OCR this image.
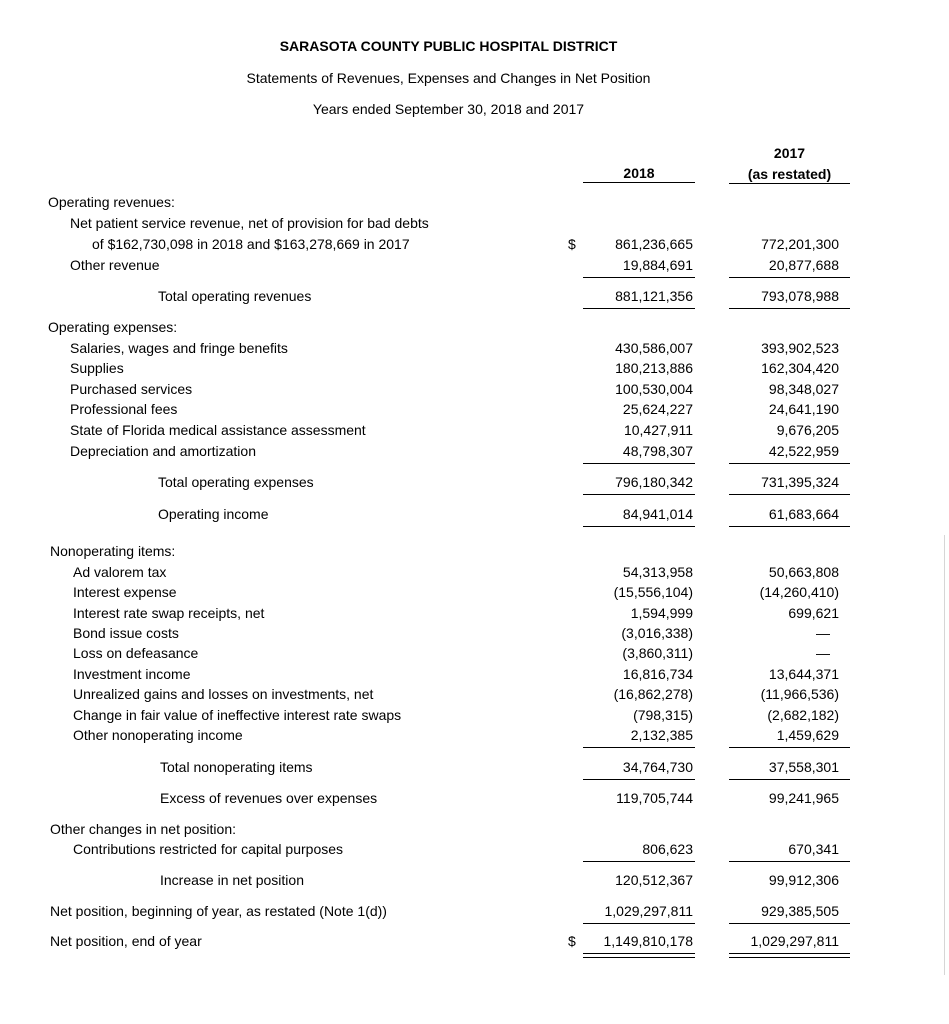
SARASOTA COUNTY PUBLIC HOSPITAL DISTRICT
Statements of Revenues, Expenses and Changes in Net Position
Years ended September 30, 2018 and 2017
2018
2017
(as restated)
Operating revenues:
Net patient service revenue, net of provision for bad debts
of $162,730,098 in 2018 and $163,278,669 in 2017	$	861,236,665	772,201,300
Other revenue	19,884,691	20,877,688
Total operating revenues	881,121,356	793,078,988
Operating expenses:
Salaries, wages and fringe benefits	430,586,007	393,902,523
Supplies	180,213,886	162,304,420
Purchased services	100,530,004	98,348,027
Professional fees	25,624,227	24,641,190
State of Florida medical assistance assessment	10,427,911	9,676,205
Depreciation and amortization	48,798,307	42,522,959
Total operating expenses	796,180,342	731,395,324
Operating income	84,941,014	61,683,664
Nonoperating items:
Ad valorem tax	54,313,958	50,663,808
Interest expense	(15,556,104)	(14,260,410)
Interest rate swap receipts, net	1,594,999	699,621
Bond issue costs	(3,016,338)	—
Loss on defeasance	(3,860,311)	—
Investment income	16,816,734	13,644,371
Unrealized gains and losses on investments, net	(16,862,278)	(11,966,536)
Change in fair value of ineffective interest rate swaps	(798,315)	(2,682,182)
Other nonoperating income	2,132,385	1,459,629
Total nonoperating items	34,764,730	37,558,301
Excess of revenues over expenses	119,705,744	99,241,965
Other changes in net position:
Contributions restricted for capital purposes	806,623	670,341
Increase in net position	120,512,367	99,912,306
Net position, beginning of year, as restated (Note 1(d))	1,029,297,811	929,385,505
Net position, end of year	$	1,149,810,178	1,029,297,811
